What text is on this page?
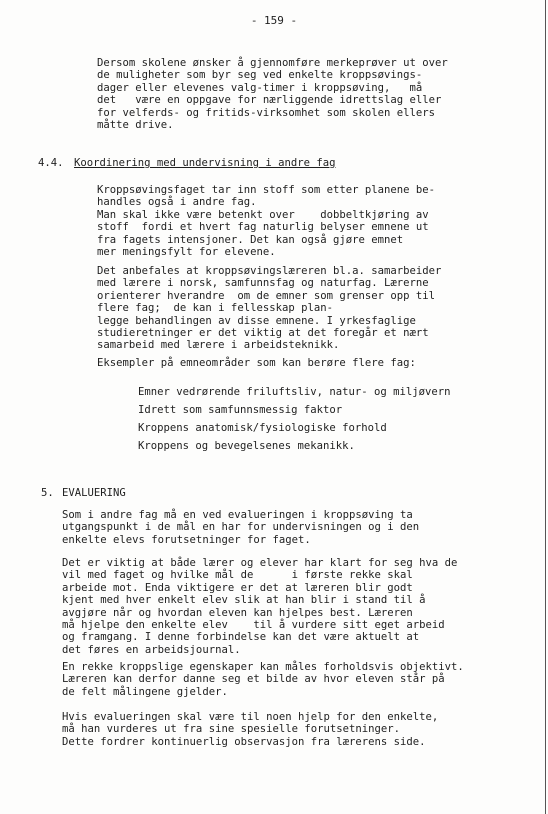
- 159 -
Dersom skolene ønsker å gjennomføre merkeprøver ut over
de muligheter som byr seg ved enkelte kroppsøvings-
dager eller elevenes valg-timer i kroppsøving,   må
det   være en oppgave for nærliggende idrettslag eller
for velferds- og fritids-virksomhet som skolen ellers
måtte drive.
4.4. Koordinering med undervisning i andre fag
Kroppsøvingsfaget tar inn stoff som etter planene be-
handles også i andre fag.
Man skal ikke være betenkt over    dobbeltkjøring av
stoff  fordi et hvert fag naturlig belyser emnene ut
fra fagets intensjoner. Det kan også gjøre emnet
mer meningsfylt for elevene.
Det anbefales at kroppsøvingslæreren bl.a. samarbeider
med lærere i norsk, samfunnsfag og naturfag. Lærerne
orienterer hverandre  om de emner som grenser opp til
flere fag;  de kan i fellesskap plan-
legge behandlingen av disse emnene. I yrkesfaglige
studieretninger er det viktig at det foregår et nært
samarbeid med lærere i arbeidsteknikk.
Eksempler på emneområder som kan berøre flere fag:
Emner vedrørende friluftsliv, natur- og miljøvern
Idrett som samfunnsmessig faktor
Kroppens anatomisk/fysiologiske forhold
Kroppens og bevegelsenes mekanikk.
5. EVALUERING
Som i andre fag må en ved evalueringen i kroppsøving ta
utgangspunkt i de mål en har for undervisningen og i den
enkelte elevs forutsetninger for faget.
Det er viktig at både lærer og elever har klart for seg hva de
vil med faget og hvilke mål de      i første rekke skal
arbeide mot. Enda viktigere er det at læreren blir godt
kjent med hver enkelt elev slik at han blir i stand til å
avgjøre når og hvordan eleven kan hjelpes best. Læreren
må hjelpe den enkelte elev    til å vurdere sitt eget arbeid
og framgang. I denne forbindelse kan det være aktuelt at
det føres en arbeidsjournal.
En rekke kroppslige egenskaper kan måles forholdsvis objektivt.
Læreren kan derfor danne seg et bilde av hvor eleven står på
de felt målingene gjelder.
Hvis evalueringen skal være til noen hjelp for den enkelte,
må han vurderes ut fra sine spesielle forutsetninger.
Dette fordrer kontinuerlig observasjon fra lærerens side.
